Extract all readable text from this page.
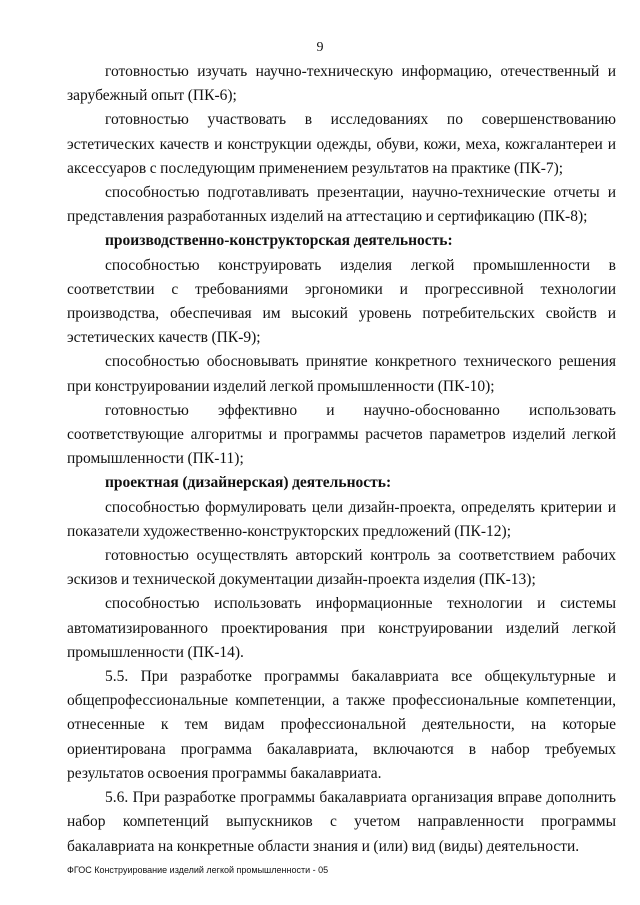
9

готовностью изучать научно-техническую информацию, отечественный и зарубежный опыт (ПК-6);

готовностью участвовать в исследованиях по совершенствованию эстетических качеств и конструкции одежды, обуви, кожи, меха, кожгалантереи и аксессуаров с последующим применением результатов на практике (ПК-7);

способностью подготавливать презентации, научно-технические отчеты и представления разработанных изделий на аттестацию и сертификацию (ПК-8);

производственно-конструкторская деятельность:

способностью конструировать изделия легкой промышленности в соответствии с требованиями эргономики и прогрессивной технологии производства, обеспечивая им высокий уровень потребительских свойств и эстетических качеств (ПК-9);

способностью обосновывать принятие конкретного технического решения при конструировании изделий легкой промышленности (ПК-10);

готовностью эффективно и научно-обоснованно использовать соответствующие алгоритмы и программы расчетов параметров изделий легкой промышленности (ПК-11);

проектная (дизайнерская) деятельность:

способностью формулировать цели дизайн-проекта, определять критерии и показатели художественно-конструкторских предложений (ПК-12);

готовностью осуществлять авторский контроль за соответствием рабочих эскизов и технической документации дизайн-проекта изделия (ПК-13);

способностью использовать информационные технологии и системы автоматизированного проектирования при конструировании изделий легкой промышленности (ПК-14).

5.5. При разработке программы бакалавриата все общекультурные и общепрофессиональные компетенции, а также профессиональные компетенции, отнесенные к тем видам профессиональной деятельности, на которые ориентирована программа бакалавриата, включаются в набор требуемых результатов освоения программы бакалавриата.

5.6. При разработке программы бакалавриата организация вправе дополнить набор компетенций выпускников с учетом направленности программы бакалавриата на конкретные области знания и (или) вид (виды) деятельности.

ФГОС Конструирование изделий легкой промышленности - 05
